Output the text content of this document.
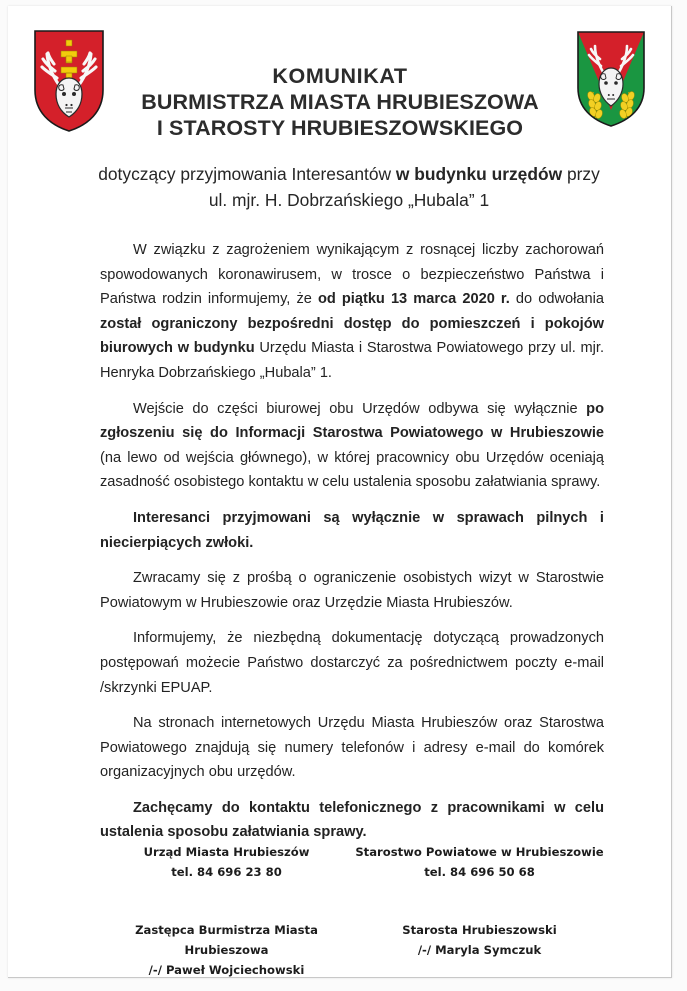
KOMUNIKAT
BURMISTRZA MIASTA HRUBIESZOWA
I STAROSTY HRUBIESZOWSKIEGO
dotyczący przyjmowania Interesantów w budynku urzędów przy ul. mjr. H. Dobrzańskiego „Hubala” 1

W związku z zagrożeniem wynikającym z rosnącej liczby zachorowań spowodowanych koronawirusem, w trosce o bezpieczeństwo Państwa i Państwa rodzin informujemy, że od piątku 13 marca 2020 r. do odwołania został ograniczony bezpośredni dostęp do pomieszczeń i pokojów biurowych w budynku Urzędu Miasta i Starostwa Powiatowego przy ul. mjr. Henryka Dobrzańskiego „Hubala” 1.

Wejście do części biurowej obu Urzędów odbywa się wyłącznie po zgłoszeniu się do Informacji Starostwa Powiatowego w Hrubieszowie (na lewo od wejścia głównego), w której pracownicy obu Urzędów oceniają zasadność osobistego kontaktu w celu ustalenia sposobu załatwiania sprawy.

Interesanci przyjmowani są wyłącznie w sprawach pilnych i niecierpiących zwłoki.

Zwracamy się z prośbą o ograniczenie osobistych wizyt w Starostwie Powiatowym w Hrubieszowie oraz Urzędzie Miasta Hrubieszów.

Informujemy, że niezbędną dokumentację dotyczącą prowadzonych postępowań możecie Państwo dostarczyć za pośrednictwem poczty e-mail /skrzynki EPUAP.

Na stronach internetowych Urzędu Miasta Hrubieszów oraz Starostwa Powiatowego znajdują się numery telefonów i adresy e-mail do komórek organizacyjnych obu urzędów.

Zachęcamy do kontaktu telefonicznego z pracownikami w celu ustalenia sposobu załatwiania sprawy.

Urząd Miasta Hrubieszów
tel. 84 696 23 80
Starostwo Powiatowe w Hrubieszowie
tel. 84 696 50 68
Zastępca Burmistrza Miasta Hrubieszowa
/-/ Paweł Wojciechowski
Starosta Hrubieszowski
/-/ Maryla Symczuk
